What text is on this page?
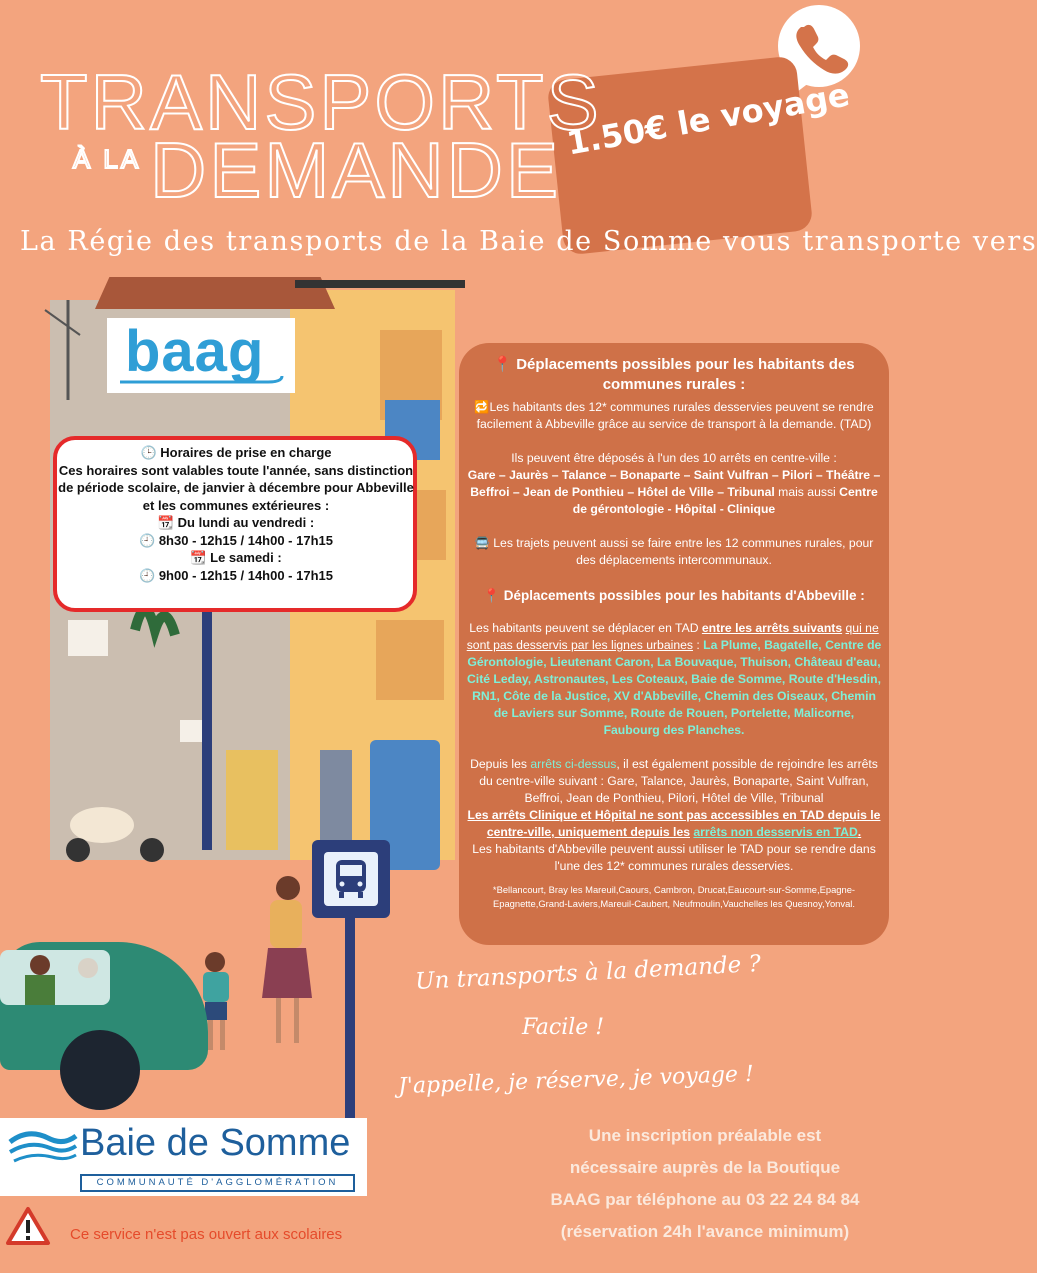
1.50€ le voyage
TRANSPORTS
À LA DEMANDE
La Régie des transports de la Baie de Somme vous transporte vers
baag
🕒 Horaires de prise en charge
Ces horaires sont valables toute l'année, sans distinction de période scolaire, de janvier à décembre pour Abbeville et les communes extérieures :
📆 Du lundi au vendredi :
🕘 8h30 - 12h15 / 14h00 - 17h15
📆 Le samedi :
🕘 9h00 - 12h15 / 14h00 - 17h15

📍 Déplacements possibles pour les habitants des communes rurales :

🔁Les habitants des 12* communes rurales desservies peuvent se rendre facilement à Abbeville grâce au service de transport à la demande. (TAD)

Ils peuvent être déposés à l'un des 10 arrêts en centre-ville :
Gare – Jaurès – Talance – Bonaparte – Saint Vulfran – Pilori – Théâtre – Beffroi – Jean de Ponthieu – Hôtel de Ville – Tribunal mais aussi Centre de gérontologie - Hôpital - Clinique

🚍 Les trajets peuvent aussi se faire entre les 12 communes rurales, pour des déplacements intercommunaux.

📍 Déplacements possibles pour les habitants d'Abbeville :

Les habitants peuvent se déplacer en TAD entre les arrêts suivants qui ne sont pas desservis par les lignes urbaines : La Plume, Bagatelle, Centre de Gérontologie, Lieutenant Caron, La Bouvaque, Thuison, Château d'eau, Cité Leday, Astronautes, Les Coteaux, Baie de Somme, Route d'Hesdin, RN1, Côte de la Justice, XV d'Abbeville, Chemin des Oiseaux, Chemin de Laviers sur Somme, Route de Rouen, Portelette, Malicorne, Faubourg des Planches.

Depuis les arrêts ci-dessus, il est également possible de rejoindre les arrêts du centre-ville suivant : Gare, Talance, Jaurès, Bonaparte, Saint Vulfran, Beffroi, Jean de Ponthieu, Pilori, Hôtel de Ville, Tribunal
Les arrêts Clinique et Hôpital ne sont pas accessibles en TAD depuis le centre-ville, uniquement depuis les arrêts non desservis en TAD.
Les habitants d'Abbeville peuvent aussi utiliser le TAD pour se rendre dans l'une des 12* communes rurales desservies.

*Bellancourt, Bray les Mareuil,Caours, Cambron, Drucat,Eaucourt-sur-Somme,Epagne-Epagnette,Grand-Laviers,Mareuil-Caubert, Neufmoulin,Vauchelles les Quesnoy,Yonval.

Un transports à la demande ?
Facile !
J'appelle, je réserve, je voyage !
Une inscription préalable est
nécessaire auprès de la Boutique
BAAG par téléphone au 03 22 24 84 84
(réservation 24h l'avance minimum)
Baie de Somme
COMMUNAUTÉ D'AGGLOMÉRATION
Ce service n'est pas ouvert aux scolaires
